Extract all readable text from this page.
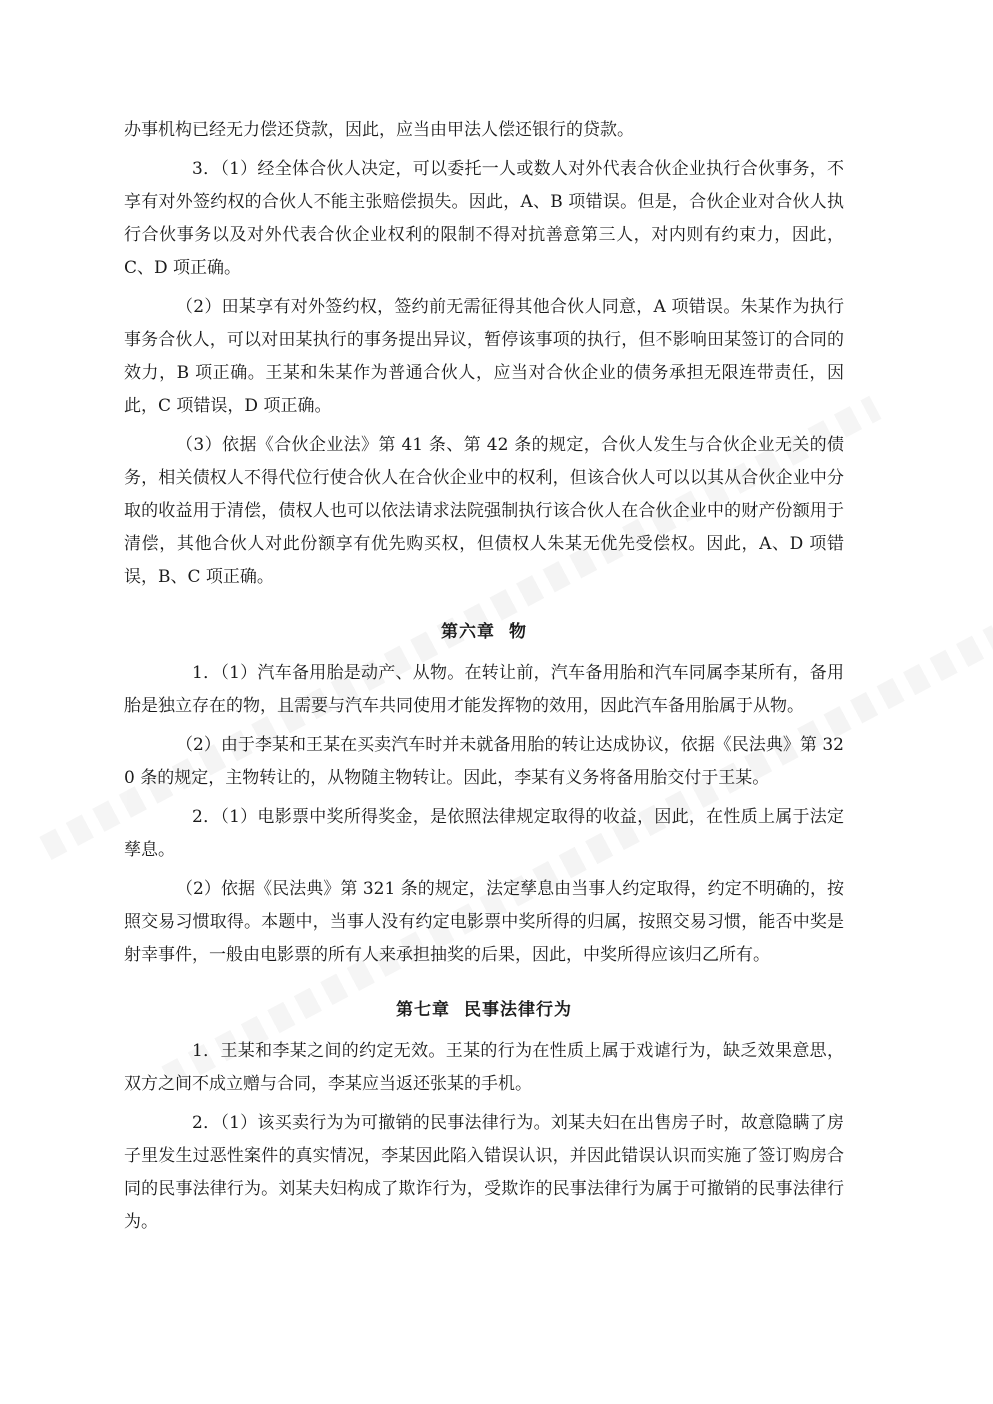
办事机构已经无力偿还贷款，因此，应当由甲法人偿还银行的贷款。

3．（1）经全体合伙人决定，可以委托一人或数人对外代表合伙企业执行合伙事务，不享有对外签约权的合伙人不能主张赔偿损失。因此，A、B 项错误。但是，合伙企业对合伙人执行合伙事务以及对外代表合伙企业权利的限制不得对抗善意第三人，对内则有约束力，因此，C、D 项正确。

（2）田某享有对外签约权，签约前无需征得其他合伙人同意，A 项错误。朱某作为执行事务合伙人，可以对田某执行的事务提出异议，暂停该事项的执行，但不影响田某签订的合同的效力，B 项正确。王某和朱某作为普通合伙人，应当对合伙企业的债务承担无限连带责任，因此，C 项错误，D 项正确。

（3）依据《合伙企业法》第 41 条、第 42 条的规定，合伙人发生与合伙企业无关的债务，相关债权人不得代位行使合伙人在合伙企业中的权利，但该合伙人可以以其从合伙企业中分取的收益用于清偿，债权人也可以依法请求法院强制执行该合伙人在合伙企业中的财产份额用于清偿，其他合伙人对此份额享有优先购买权，但债权人朱某无优先受偿权。因此，A、D 项错误，B、C 项正确。

第六章 物

1．（1）汽车备用胎是动产、从物。在转让前，汽车备用胎和汽车同属李某所有，备用胎是独立存在的物，且需要与汽车共同使用才能发挥物的效用，因此汽车备用胎属于从物。

（2）由于李某和王某在买卖汽车时并未就备用胎的转让达成协议，依据《民法典》第 320 条的规定，主物转让的，从物随主物转让。因此，李某有义务将备用胎交付于王某。

2．（1）电影票中奖所得奖金，是依照法律规定取得的收益，因此，在性质上属于法定孳息。

（2）依据《民法典》第 321 条的规定，法定孳息由当事人约定取得，约定不明确的，按照交易习惯取得。本题中，当事人没有约定电影票中奖所得的归属，按照交易习惯，能否中奖是射幸事件，一般由电影票的所有人来承担抽奖的后果，因此，中奖所得应该归乙所有。

第七章 民事法律行为

1．王某和李某之间的约定无效。王某的行为在性质上属于戏谑行为，缺乏效果意思，双方之间不成立赠与合同，李某应当返还张某的手机。

2．（1）该买卖行为为可撤销的民事法律行为。刘某夫妇在出售房子时，故意隐瞒了房子里发生过恶性案件的真实情况，李某因此陷入错误认识，并因此错误认识而实施了签订购房合同的民事法律行为。刘某夫妇构成了欺诈行为，受欺诈的民事法律行为属于可撤销的民事法律行为。
